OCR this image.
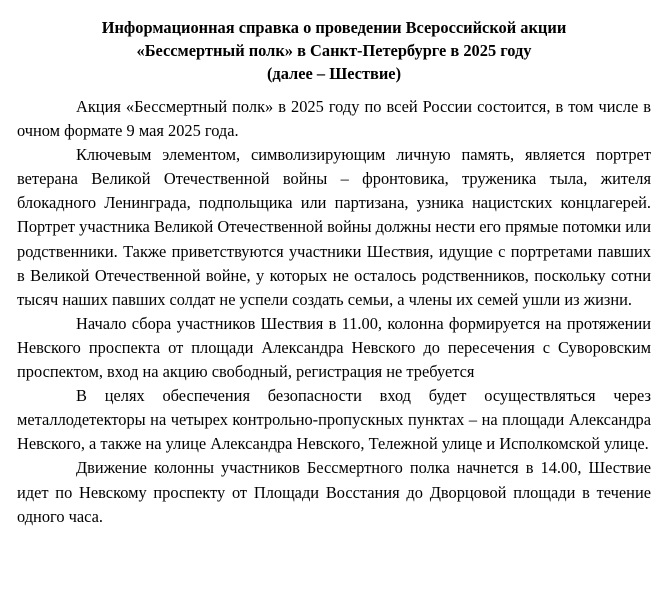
Информационная справка о проведении Всероссийской акции
«Бессмертный полк» в Санкт-Петербурге в 2025 году
(далее – Шествие)

Акция «Бессмертный полк» в 2025 году по всей России состоится, в том числе в очном формате 9 мая 2025 года.

Ключевым элементом, символизирующим личную память, является портрет ветерана Великой Отечественной войны – фронтовика, труженика тыла, жителя блокадного Ленинграда, подпольщика или партизана, узника нацистских концлагерей. Портрет участника Великой Отечественной войны должны нести его прямые потомки или родственники. Также приветствуются участники Шествия, идущие с портретами павших в Великой Отечественной войне, у которых не осталось родственников, поскольку сотни тысяч наших павших солдат не успели создать семьи, а члены их семей ушли из жизни.

Начало сбора участников Шествия в 11.00, колонна формируется на протяжении Невского проспекта от площади Александра Невского до пересечения с Суворовским проспектом, вход на акцию свободный, регистрация не требуется

В целях обеспечения безопасности вход будет осуществляться через металлодетекторы на четырех контрольно-пропускных пунктах – на площади Александра Невского, а также на улице Александра Невского, Тележной улице и Исполкомской улице.

Движение колонны участников Бессмертного полка начнется в 14.00, Шествие идет по Невскому проспекту от Площади Восстания до Дворцовой площади в течение одного часа.
